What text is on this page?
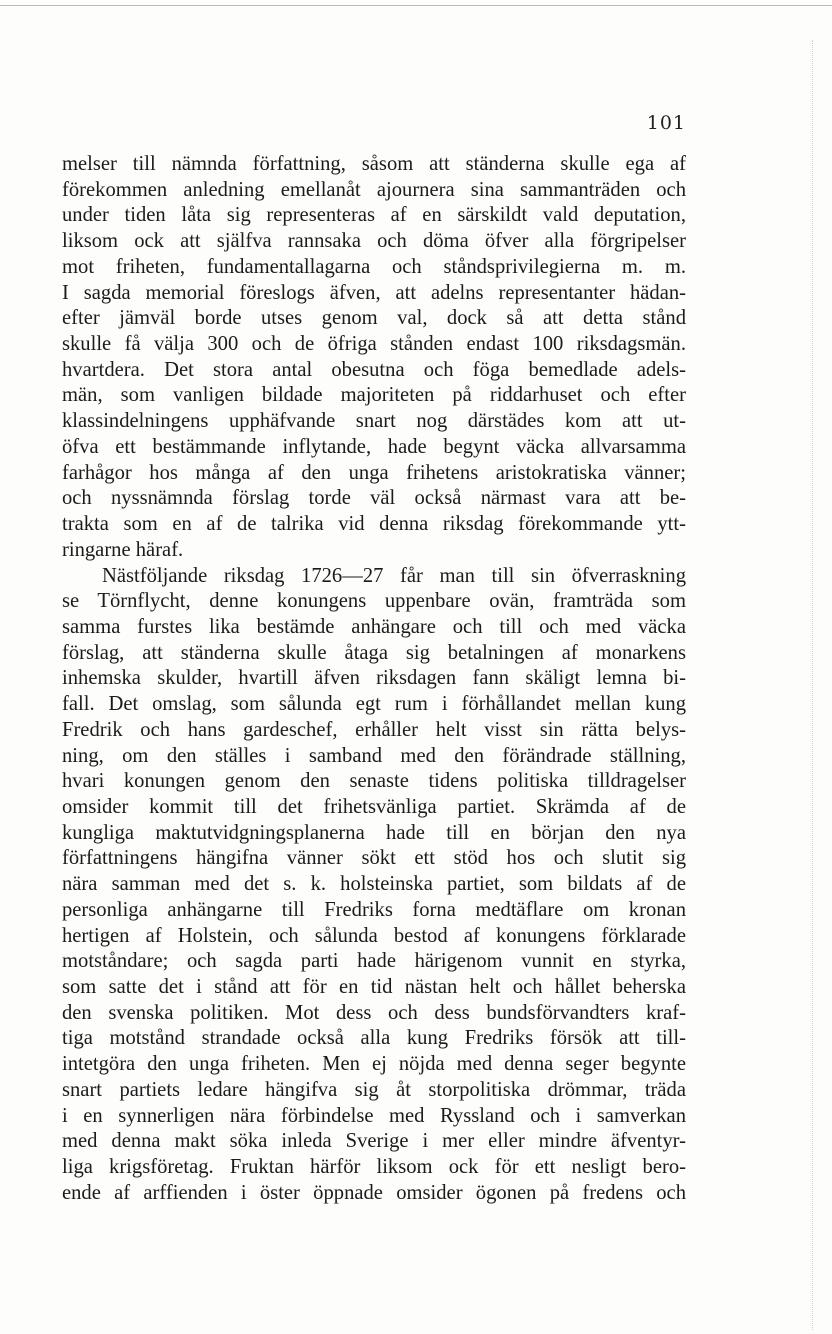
101
melser till nämnda författning, såsom att ständerna skulle ega af
förekommen anledning emellanåt ajournera sina sammanträden och
under tiden låta sig representeras af en särskildt vald deputation,
liksom ock att själfva rannsaka och döma öfver alla förgripelser
mot friheten, fundamentallagarna och ståndsprivilegierna m. m.
I sagda memorial föreslogs äfven, att adelns representanter hädan-
efter jämväl borde utses genom val, dock så att detta stånd
skulle få välja 300 och de öfriga stånden endast 100 riksdagsmän.
hvartdera. Det stora antal obesutna och föga bemedlade adels-
män, som vanligen bildade majoriteten på riddarhuset och efter
klassindelningens upphäfvande snart nog därstädes kom att ut-
öfva ett bestämmande inflytande, hade begynt väcka allvarsamma
farhågor hos många af den unga frihetens aristokratiska vänner;
och nyssnämnda förslag torde väl också närmast vara att be-
trakta som en af de talrika vid denna riksdag förekommande ytt-
ringarne häraf.
Nästföljande riksdag 1726—27 får man till sin öfverraskning
se Törnflycht, denne konungens uppenbare ovän, framträda som
samma furstes lika bestämde anhängare och till och med väcka
förslag, att ständerna skulle åtaga sig betalningen af monarkens
inhemska skulder, hvartill äfven riksdagen fann skäligt lemna bi-
fall. Det omslag, som sålunda egt rum i förhållandet mellan kung
Fredrik och hans gardeschef, erhåller helt visst sin rätta belys-
ning, om den ställes i samband med den förändrade ställning,
hvari konungen genom den senaste tidens politiska tilldragelser
omsider kommit till det frihetsvänliga partiet. Skrämda af de
kungliga maktutvidgningsplanerna hade till en början den nya
författningens hängifna vänner sökt ett stöd hos och slutit sig
nära samman med det s. k. holsteinska partiet, som bildats af de
personliga anhängarne till Fredriks forna medtäflare om kronan
hertigen af Holstein, och sålunda bestod af konungens förklarade
motståndare; och sagda parti hade härigenom vunnit en styrka,
som satte det i stånd att för en tid nästan helt och hållet beherska
den svenska politiken. Mot dess och dess bundsförvandters kraf-
tiga motstånd strandade också alla kung Fredriks försök att till-
intetgöra den unga friheten. Men ej nöjda med denna seger begynte
snart partiets ledare hängifva sig åt storpolitiska drömmar, träda
i en synnerligen nära förbindelse med Ryssland och i samverkan
med denna makt söka inleda Sverige i mer eller mindre äfventyr-
liga krigsföretag. Fruktan härför liksom ock för ett nesligt bero-
ende af arffienden i öster öppnade omsider ögonen på fredens och
